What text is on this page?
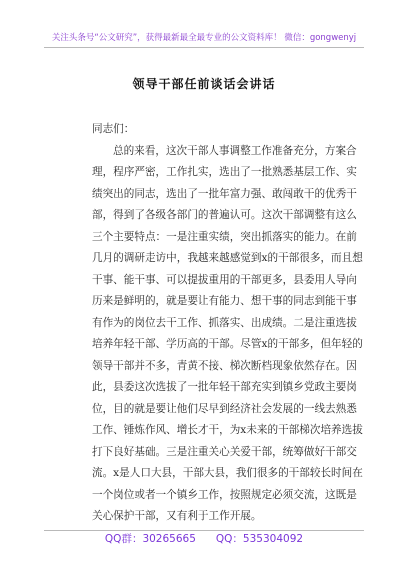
关注头条号“公文研究”，获得最新最全最专业的公文资料库！ 微信：gongwenyj
领导干部任前谈话会讲话
同志们：
总的来看，这次干部人事调整工作准备充分，方案合
理，程序严密，工作扎实，选出了一批熟悉基层工作、实
绩突出的同志，选出了一批年富力强、敢闯敢干的优秀干
部，得到了各级各部门的普遍认可。这次干部调整有这么
三个主要特点：一是注重实绩，突出抓落实的能力。在前
几月的调研走访中，我越来越感觉到x的干部很多，而且想
干事、能干事、可以提拔重用的干部更多，县委用人导向
历来是鲜明的，就是要让有能力、想干事的同志到能干事
有作为的岗位去干工作、抓落实、出成绩。二是注重选拔
培养年轻干部、学历高的干部。尽管x的干部多，但年轻的
领导干部并不多，青黄不接、梯次断档现象依然存在。因
此，县委这次选拔了一批年轻干部充实到镇乡党政主要岗
位，目的就是要让他们尽早到经济社会发展的一线去熟悉
工作、锤炼作风、增长才干，为x未来的干部梯次培养选拔
打下良好基础。三是注重关心关爱干部，统筹做好干部交
流。x是人口大县，干部大县，我们很多的干部较长时间在
一个岗位或者一个镇乡工作，按照规定必须交流，这既是
关心保护干部，又有利于工作开展。
QQ群：30265665 QQ：535304092
